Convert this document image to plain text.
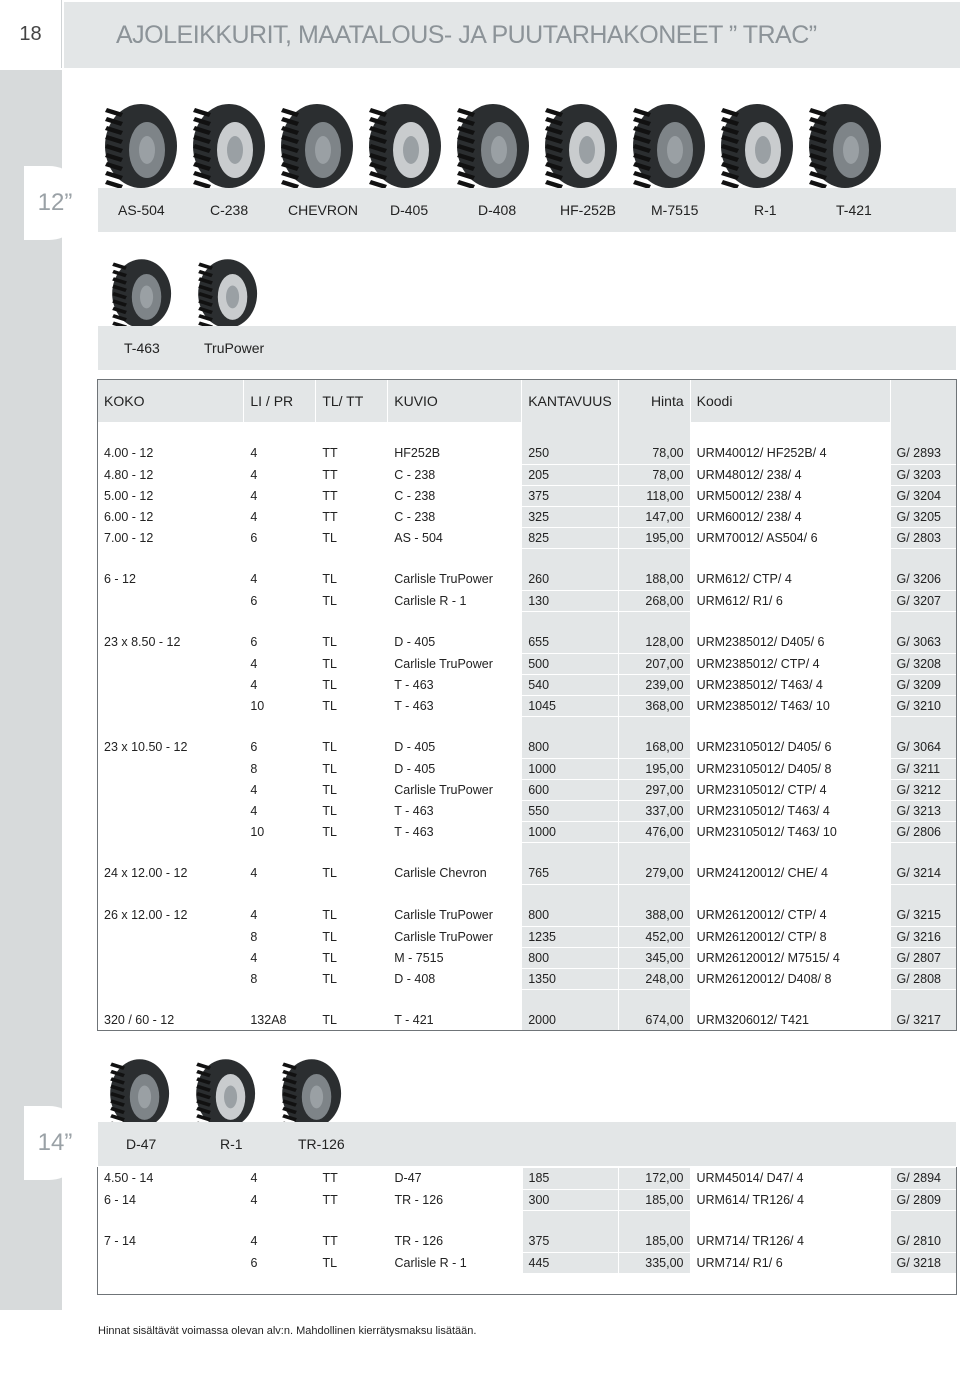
18	AJOLEIKKURIT, MAATALOUS- JA PUUTARHAKONEET ” TRAC”
12”	AS-504	C-238	CHEVRON D-405	D-408	HF-252B M-7515	R-1	T-421
T-463	TruPower
KOKO	LI / PR	TL/ TT	KUVIO	KANTAVUUS	Hinta	Koodi	

4.00 - 12	4	TT	HF252B	250	78,00	URM40012/ HF252B/ 4	G/ 2893
4.80 - 12	4	TT	C - 238	205	78,00	URM48012/ 238/ 4	G/ 3203
5.00 - 12	4	TT	C - 238	375	118,00	URM50012/ 238/ 4	G/ 3204
6.00 - 12	4	TT	C - 238	325	147,00	URM60012/ 238/ 4	G/ 3205
7.00 - 12	6	TL	AS - 504	825	195,00	URM70012/ AS504/ 6	G/ 2803

6 - 12	4	TL	Carlisle TruPower	260	188,00	URM612/ CTP/ 4	G/ 3206
	6	TL	Carlisle R - 1	130	268,00	URM612/ R1/ 6	G/ 3207

23 x 8.50 - 12	6	TL	D - 405	655	128,00	URM2385012/ D405/ 6	G/ 3063
	4	TL	Carlisle TruPower	500	207,00	URM2385012/ CTP/ 4	G/ 3208
	4	TL	T - 463	540	239,00	URM2385012/ T463/ 4	G/ 3209
	10	TL	T - 463	1045	368,00	URM2385012/ T463/ 10	G/ 3210

23 x 10.50 - 12	6	TL	D - 405	800	168,00	URM23105012/ D405/ 6	G/ 3064
	8	TL	D - 405	1000	195,00	URM23105012/ D405/ 8	G/ 3211
	4	TL	Carlisle TruPower	600	297,00	URM23105012/ CTP/ 4	G/ 3212
	4	TL	T - 463	550	337,00	URM23105012/ T463/ 4	G/ 3213
	10	TL	T - 463	1000	476,00	URM23105012/ T463/ 10	G/ 2806

24 x 12.00 - 12	4	TL	Carlisle Chevron	765	279,00	URM24120012/ CHE/ 4	G/ 3214

26 x 12.00 - 12	4	TL	Carlisle TruPower	800	388,00	URM26120012/ CTP/ 4	G/ 3215
	8	TL	Carlisle TruPower	1235	452,00	URM26120012/ CTP/ 8	G/ 3216
	4	TL	M - 7515	800	345,00	URM26120012/ M7515/ 4	G/ 2807
	8	TL	D - 408	1350	248,00	URM26120012/ D408/ 8	G/ 2808

320 / 60 - 12	132A8	TL	T - 421	2000	674,00	URM3206012/ T421	G/ 3217
14”	D-47	R-1	TR-126
4.50 - 14	4	TT	D-47	185	172,00	URM45014/ D47/ 4	G/ 2894
6 - 14	4	TT	TR - 126	300	185,00	URM614/ TR126/ 4	G/ 2809

7 - 14	4	TT	TR - 126	375	185,00	URM714/ TR126/ 4	G/ 2810
	6	TL	Carlisle R - 1	445	335,00	URM714/ R1/ 6	G/ 3218
Hinnat sisältävät voimassa olevan alv:n. Mahdollinen kierrätysmaksu lisätään.
